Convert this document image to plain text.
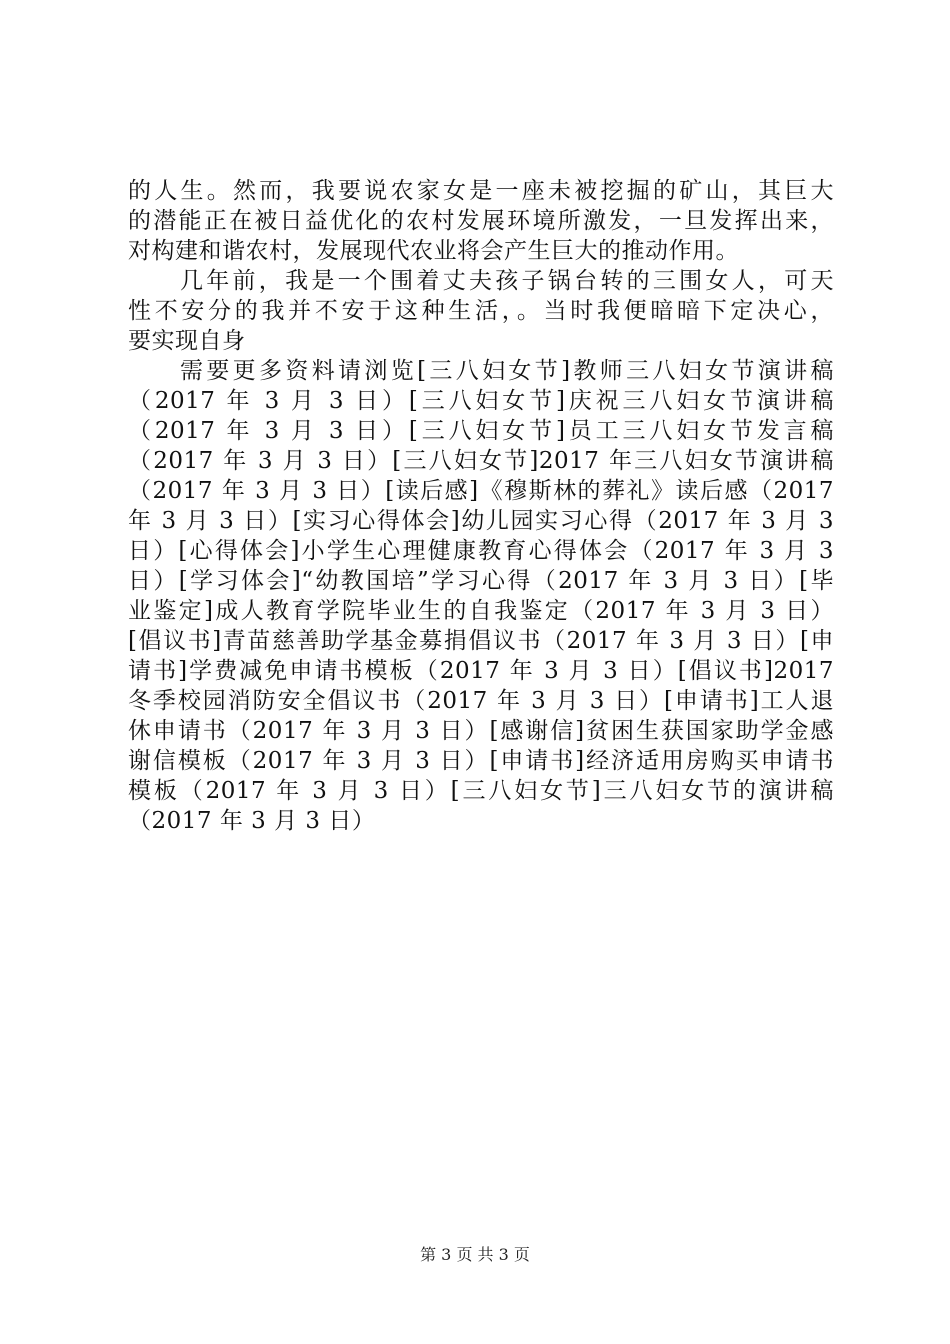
的人生。然而，我要说农家女是一座未被挖掘的矿山，其巨大
的潜能正在被日益优化的农村发展环境所激发，一旦发挥出来，
对构建和谐农村，发展现代农业将会产生巨大的推动作用。
几年前，我是一个围着丈夫孩子锅台转的三围女人，可天
性不安分的我并不安于这种生活，。当时我便暗暗下定决心，
要实现自身
需要更多资料请浏览[三八妇女节]教师三八妇女节演讲稿
（2017 年 3 月 3 日）[三八妇女节]庆祝三八妇女节演讲稿
（2017 年 3 月 3 日）[三八妇女节]员工三八妇女节发言稿
（2017 年 3 月 3 日）[三八妇女节]2017 年三八妇女节演讲稿
（2017 年 3 月 3 日）[读后感]《穆斯林的葬礼》读后感（2017
年 3 月 3 日）[实习心得体会]幼儿园实习心得（2017 年 3 月 3
日）[心得体会]小学生心理健康教育心得体会（2017 年 3 月 3
日）[学习体会]“幼教国培”学习心得（2017 年 3 月 3 日）[毕
业鉴定]成人教育学院毕业生的自我鉴定（2017 年 3 月 3 日）
[倡议书]青苗慈善助学基金募捐倡议书（2017 年 3 月 3 日）[申
请书]学费减免申请书模板（2017 年 3 月 3 日）[倡议书]2017
冬季校园消防安全倡议书（2017 年 3 月 3 日）[申请书]工人退
休申请书（2017 年 3 月 3 日）[感谢信]贫困生获国家助学金感
谢信模板（2017 年 3 月 3 日）[申请书]经济适用房购买申请书
模板（2017 年 3 月 3 日）[三八妇女节]三八妇女节的演讲稿
（2017 年 3 月 3 日）
第 3 页 共 3 页
